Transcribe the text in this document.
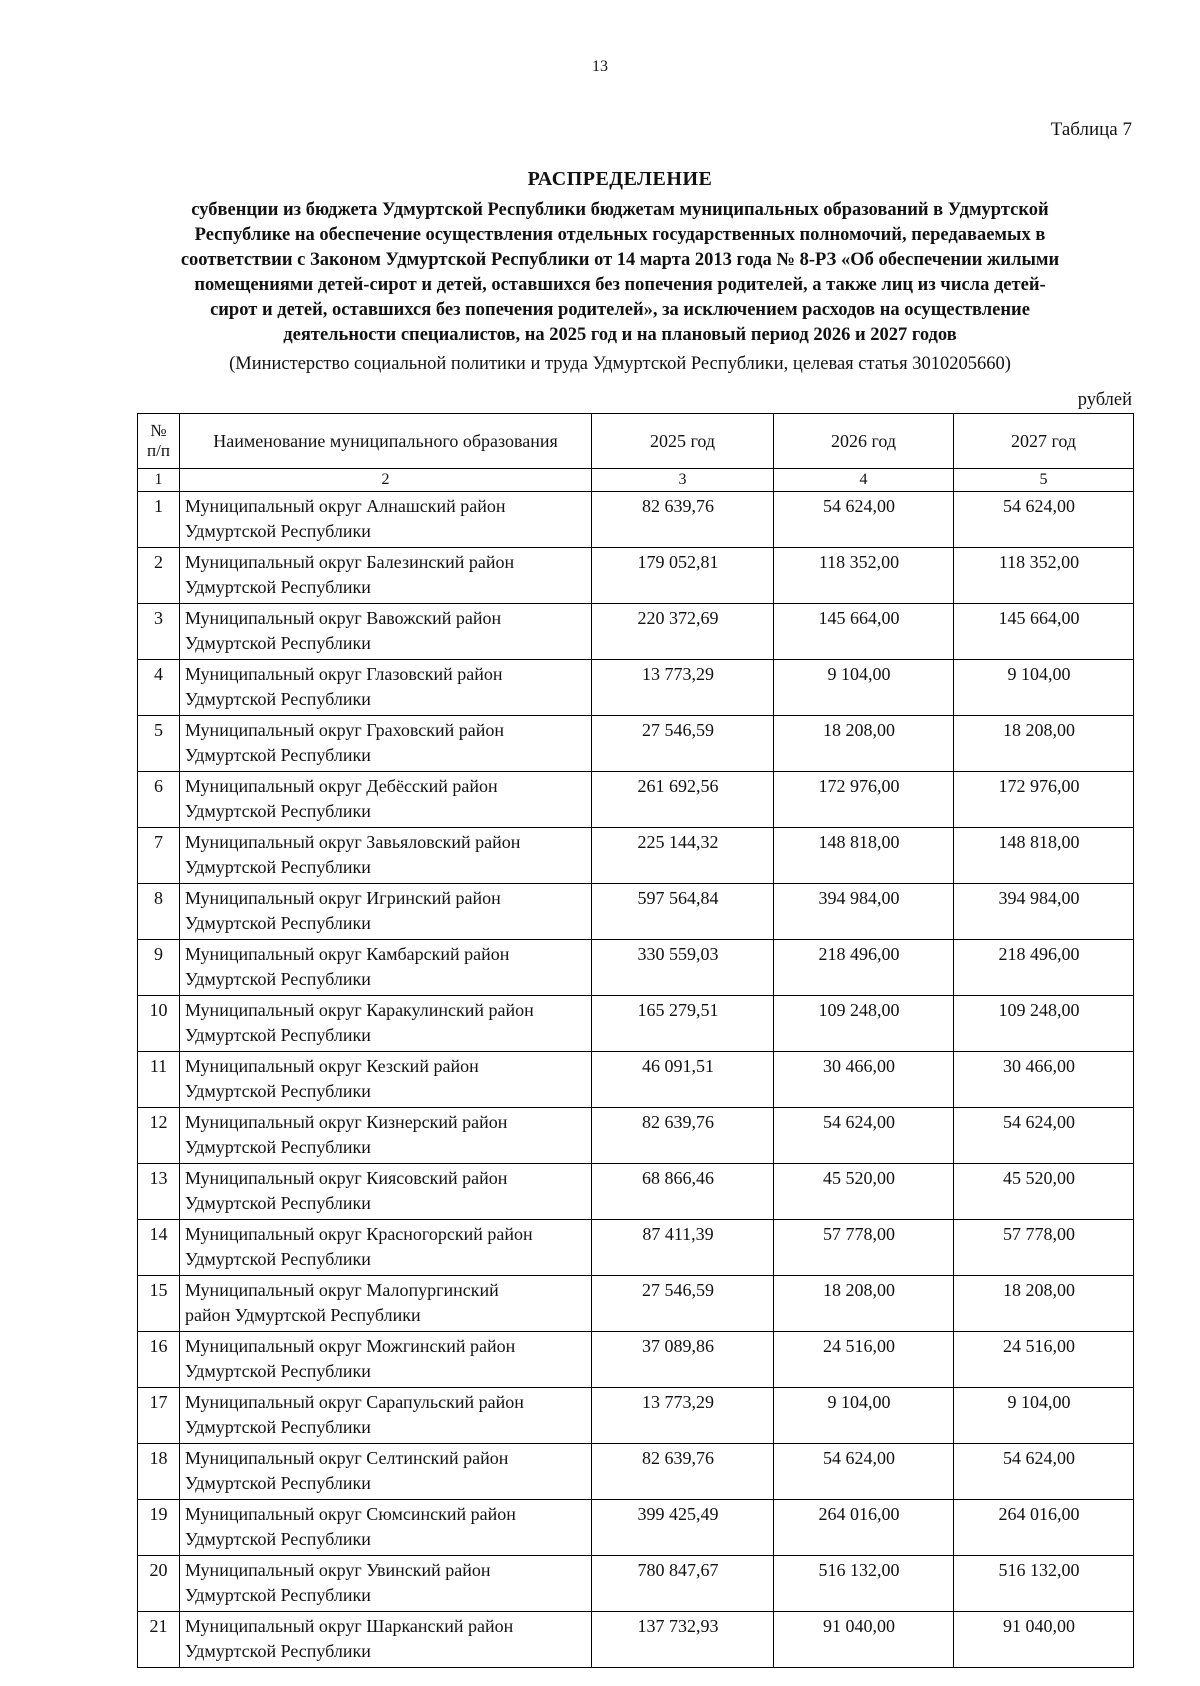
13
Таблица 7
РАСПРЕДЕЛЕНИЕ
субвенции из бюджета Удмуртской Республики бюджетам муниципальных образований в Удмуртской
Республике на обеспечение осуществления отдельных государственных полномочий, передаваемых в
соответствии с Законом Удмуртской Республики от 14 марта 2013 года № 8-РЗ «Об обеспечении жилыми
помещениями детей-сирот и детей, оставшихся без попечения родителей, а также лиц из числа детей-
сирот и детей, оставшихся без попечения родителей», за исключением расходов на осуществление
деятельности специалистов, на 2025 год и на плановый период 2026 и 2027 годов
(Министерство социальной политики и труда Удмуртской Республики, целевая статья 3010205660)
рублей
№
п/п	Наименование муниципального образования	2025 год	2026 год	2027 год
1	2	3	4	5
1	Муниципальный округ Алнашский район
Удмуртской Республики	82 639,76	54 624,00	54 624,00
2	Муниципальный округ Балезинский район
Удмуртской Республики	179 052,81	118 352,00	118 352,00
3	Муниципальный округ Вавожский район
Удмуртской Республики	220 372,69	145 664,00	145 664,00
4	Муниципальный округ Глазовский район
Удмуртской Республики	13 773,29	9 104,00	9 104,00
5	Муниципальный округ Граховский район
Удмуртской Республики	27 546,59	18 208,00	18 208,00
6	Муниципальный округ Дебёсский район
Удмуртской Республики	261 692,56	172 976,00	172 976,00
7	Муниципальный округ Завьяловский район
Удмуртской Республики	225 144,32	148 818,00	148 818,00
8	Муниципальный округ Игринский район
Удмуртской Республики	597 564,84	394 984,00	394 984,00
9	Муниципальный округ Камбарский район
Удмуртской Республики	330 559,03	218 496,00	218 496,00
10	Муниципальный округ Каракулинский район
Удмуртской Республики	165 279,51	109 248,00	109 248,00
11	Муниципальный округ Кезский район
Удмуртской Республики	46 091,51	30 466,00	30 466,00
12	Муниципальный округ Кизнерский район
Удмуртской Республики	82 639,76	54 624,00	54 624,00
13	Муниципальный округ Киясовский район
Удмуртской Республики	68 866,46	45 520,00	45 520,00
14	Муниципальный округ Красногорский район
Удмуртской Республики	87 411,39	57 778,00	57 778,00
15	Муниципальный округ Малопургинский
район Удмуртской Республики	27 546,59	18 208,00	18 208,00
16	Муниципальный округ Можгинский район
Удмуртской Республики	37 089,86	24 516,00	24 516,00
17	Муниципальный округ Сарапульский район
Удмуртской Республики	13 773,29	9 104,00	9 104,00
18	Муниципальный округ Селтинский район
Удмуртской Республики	82 639,76	54 624,00	54 624,00
19	Муниципальный округ Сюмсинский район
Удмуртской Республики	399 425,49	264 016,00	264 016,00
20	Муниципальный округ Увинский район
Удмуртской Республики	780 847,67	516 132,00	516 132,00
21	Муниципальный округ Шарканский район
Удмуртской Республики	137 732,93	91 040,00	91 040,00
